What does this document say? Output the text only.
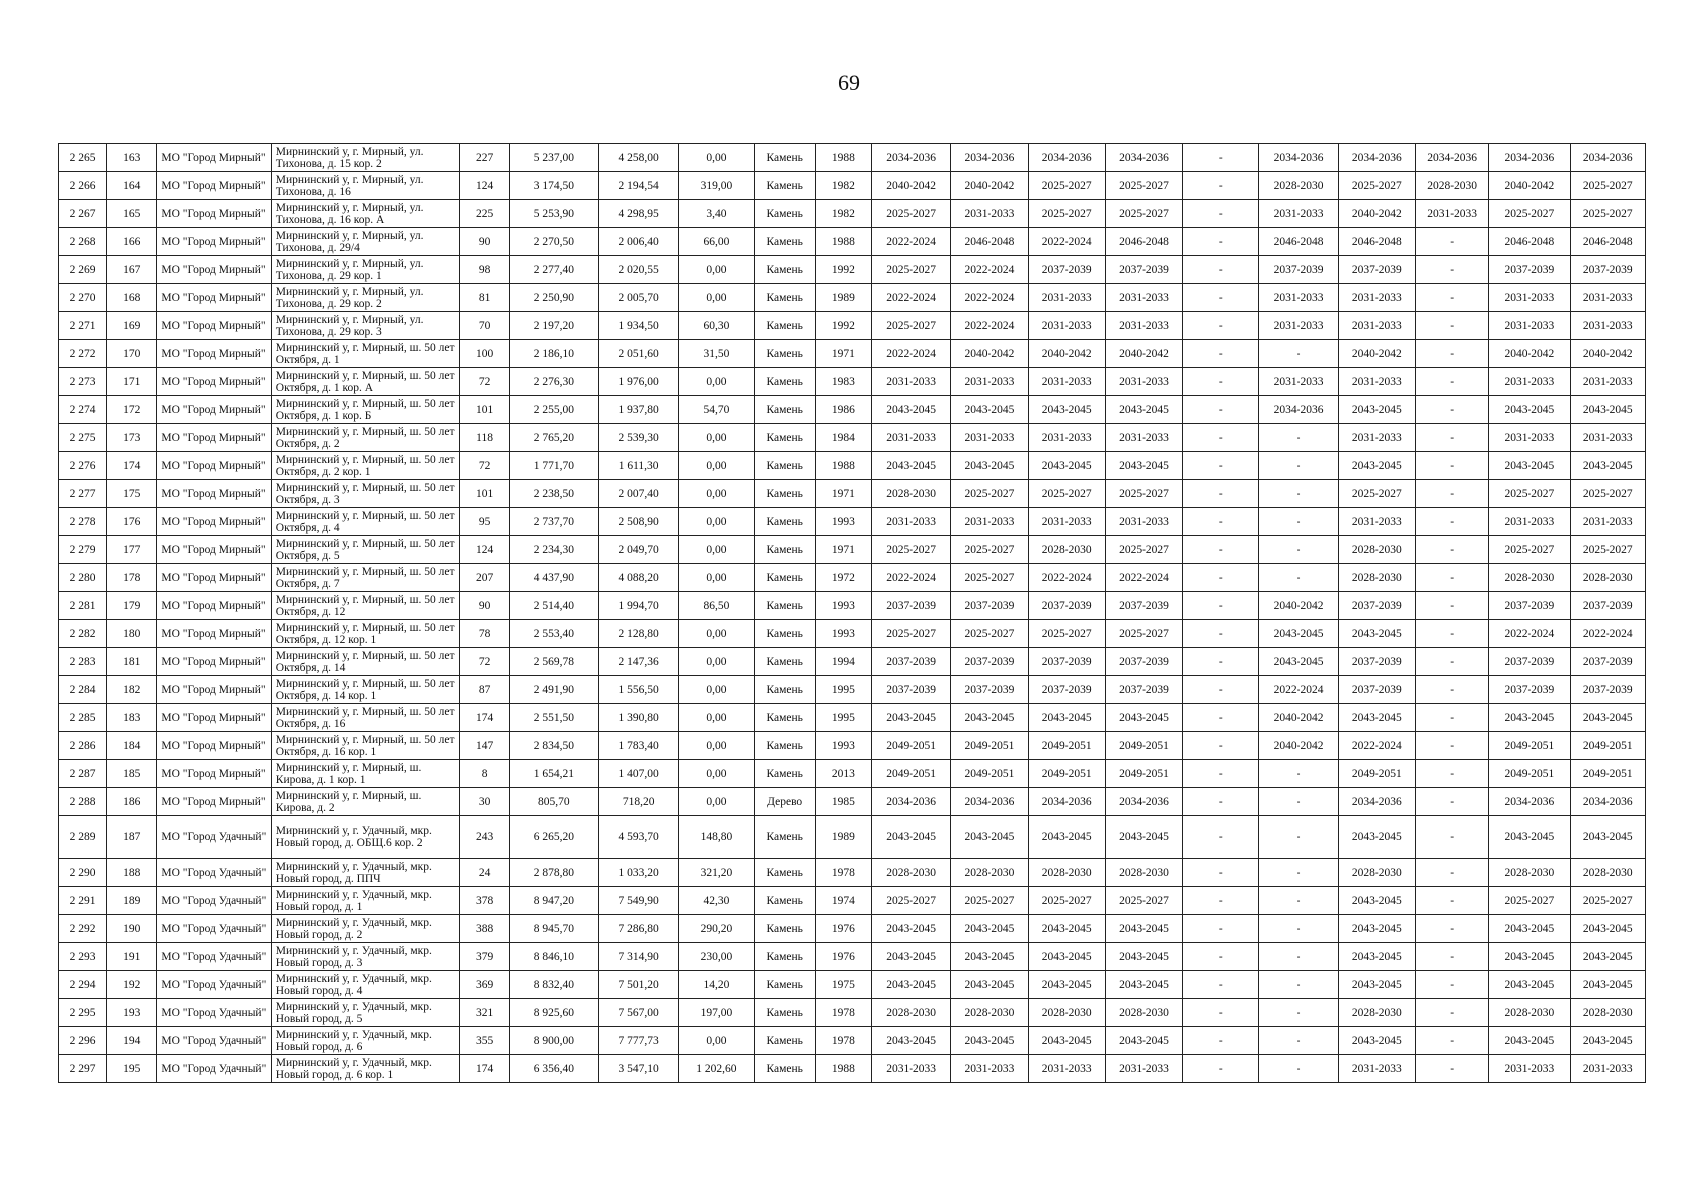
69
2 265	163	МО "Город Мирный"	Мирнинский у, г. Мирный, ул. Тихонова, д. 15 кор. 2	227	5 237,00	4 258,00	0,00	Камень	1988	2034-2036	2034-2036	2034-2036	2034-2036	-	2034-2036	2034-2036	2034-2036	2034-2036	2034-2036
2 266	164	МО "Город Мирный"	Мирнинский у, г. Мирный, ул. Тихонова, д. 16	124	3 174,50	2 194,54	319,00	Камень	1982	2040-2042	2040-2042	2025-2027	2025-2027	-	2028-2030	2025-2027	2028-2030	2040-2042	2025-2027
2 267	165	МО "Город Мирный"	Мирнинский у, г. Мирный, ул. Тихонова, д. 16 кор. А	225	5 253,90	4 298,95	3,40	Камень	1982	2025-2027	2031-2033	2025-2027	2025-2027	-	2031-2033	2040-2042	2031-2033	2025-2027	2025-2027
2 268	166	МО "Город Мирный"	Мирнинский у, г. Мирный, ул. Тихонова, д. 29/4	90	2 270,50	2 006,40	66,00	Камень	1988	2022-2024	2046-2048	2022-2024	2046-2048	-	2046-2048	2046-2048	-	2046-2048	2046-2048
2 269	167	МО "Город Мирный"	Мирнинский у, г. Мирный, ул. Тихонова, д. 29 кор. 1	98	2 277,40	2 020,55	0,00	Камень	1992	2025-2027	2022-2024	2037-2039	2037-2039	-	2037-2039	2037-2039	-	2037-2039	2037-2039
2 270	168	МО "Город Мирный"	Мирнинский у, г. Мирный, ул. Тихонова, д. 29 кор. 2	81	2 250,90	2 005,70	0,00	Камень	1989	2022-2024	2022-2024	2031-2033	2031-2033	-	2031-2033	2031-2033	-	2031-2033	2031-2033
2 271	169	МО "Город Мирный"	Мирнинский у, г. Мирный, ул. Тихонова, д. 29 кор. 3	70	2 197,20	1 934,50	60,30	Камень	1992	2025-2027	2022-2024	2031-2033	2031-2033	-	2031-2033	2031-2033	-	2031-2033	2031-2033
2 272	170	МО "Город Мирный"	Мирнинский у, г. Мирный, ш. 50 лет Октября, д. 1	100	2 186,10	2 051,60	31,50	Камень	1971	2022-2024	2040-2042	2040-2042	2040-2042	-	-	2040-2042	-	2040-2042	2040-2042
2 273	171	МО "Город Мирный"	Мирнинский у, г. Мирный, ш. 50 лет Октября, д. 1 кор. А	72	2 276,30	1 976,00	0,00	Камень	1983	2031-2033	2031-2033	2031-2033	2031-2033	-	2031-2033	2031-2033	-	2031-2033	2031-2033
2 274	172	МО "Город Мирный"	Мирнинский у, г. Мирный, ш. 50 лет Октября, д. 1 кор. Б	101	2 255,00	1 937,80	54,70	Камень	1986	2043-2045	2043-2045	2043-2045	2043-2045	-	2034-2036	2043-2045	-	2043-2045	2043-2045
2 275	173	МО "Город Мирный"	Мирнинский у, г. Мирный, ш. 50 лет Октября, д. 2	118	2 765,20	2 539,30	0,00	Камень	1984	2031-2033	2031-2033	2031-2033	2031-2033	-	-	2031-2033	-	2031-2033	2031-2033
2 276	174	МО "Город Мирный"	Мирнинский у, г. Мирный, ш. 50 лет Октября, д. 2 кор. 1	72	1 771,70	1 611,30	0,00	Камень	1988	2043-2045	2043-2045	2043-2045	2043-2045	-	-	2043-2045	-	2043-2045	2043-2045
2 277	175	МО "Город Мирный"	Мирнинский у, г. Мирный, ш. 50 лет Октября, д. 3	101	2 238,50	2 007,40	0,00	Камень	1971	2028-2030	2025-2027	2025-2027	2025-2027	-	-	2025-2027	-	2025-2027	2025-2027
2 278	176	МО "Город Мирный"	Мирнинский у, г. Мирный, ш. 50 лет Октября, д. 4	95	2 737,70	2 508,90	0,00	Камень	1993	2031-2033	2031-2033	2031-2033	2031-2033	-	-	2031-2033	-	2031-2033	2031-2033
2 279	177	МО "Город Мирный"	Мирнинский у, г. Мирный, ш. 50 лет Октября, д. 5	124	2 234,30	2 049,70	0,00	Камень	1971	2025-2027	2025-2027	2028-2030	2025-2027	-	-	2028-2030	-	2025-2027	2025-2027
2 280	178	МО "Город Мирный"	Мирнинский у, г. Мирный, ш. 50 лет Октября, д. 7	207	4 437,90	4 088,20	0,00	Камень	1972	2022-2024	2025-2027	2022-2024	2022-2024	-	-	2028-2030	-	2028-2030	2028-2030
2 281	179	МО "Город Мирный"	Мирнинский у, г. Мирный, ш. 50 лет Октября, д. 12	90	2 514,40	1 994,70	86,50	Камень	1993	2037-2039	2037-2039	2037-2039	2037-2039	-	2040-2042	2037-2039	-	2037-2039	2037-2039
2 282	180	МО "Город Мирный"	Мирнинский у, г. Мирный, ш. 50 лет Октября, д. 12 кор. 1	78	2 553,40	2 128,80	0,00	Камень	1993	2025-2027	2025-2027	2025-2027	2025-2027	-	2043-2045	2043-2045	-	2022-2024	2022-2024
2 283	181	МО "Город Мирный"	Мирнинский у, г. Мирный, ш. 50 лет Октября, д. 14	72	2 569,78	2 147,36	0,00	Камень	1994	2037-2039	2037-2039	2037-2039	2037-2039	-	2043-2045	2037-2039	-	2037-2039	2037-2039
2 284	182	МО "Город Мирный"	Мирнинский у, г. Мирный, ш. 50 лет Октября, д. 14 кор. 1	87	2 491,90	1 556,50	0,00	Камень	1995	2037-2039	2037-2039	2037-2039	2037-2039	-	2022-2024	2037-2039	-	2037-2039	2037-2039
2 285	183	МО "Город Мирный"	Мирнинский у, г. Мирный, ш. 50 лет Октября, д. 16	174	2 551,50	1 390,80	0,00	Камень	1995	2043-2045	2043-2045	2043-2045	2043-2045	-	2040-2042	2043-2045	-	2043-2045	2043-2045
2 286	184	МО "Город Мирный"	Мирнинский у, г. Мирный, ш. 50 лет Октября, д. 16 кор. 1	147	2 834,50	1 783,40	0,00	Камень	1993	2049-2051	2049-2051	2049-2051	2049-2051	-	2040-2042	2022-2024	-	2049-2051	2049-2051
2 287	185	МО "Город Мирный"	Мирнинский у, г. Мирный, ш. Кирова, д. 1 кор. 1	8	1 654,21	1 407,00	0,00	Камень	2013	2049-2051	2049-2051	2049-2051	2049-2051	-	-	2049-2051	-	2049-2051	2049-2051
2 288	186	МО "Город Мирный"	Мирнинский у, г. Мирный, ш. Кирова, д. 2	30	805,70	718,20	0,00	Дерево	1985	2034-2036	2034-2036	2034-2036	2034-2036	-	-	2034-2036	-	2034-2036	2034-2036
2 289	187	МО "Город Удачный"	Мирнинский у, г. Удачный, мкр. Новый город, д. ОБЩ.6 кор. 2	243	6 265,20	4 593,70	148,80	Камень	1989	2043-2045	2043-2045	2043-2045	2043-2045	-	-	2043-2045	-	2043-2045	2043-2045
2 290	188	МО "Город Удачный"	Мирнинский у, г. Удачный, мкр. Новый город, д. ППЧ	24	2 878,80	1 033,20	321,20	Камень	1978	2028-2030	2028-2030	2028-2030	2028-2030	-	-	2028-2030	-	2028-2030	2028-2030
2 291	189	МО "Город Удачный"	Мирнинский у, г. Удачный, мкр. Новый город, д. 1	378	8 947,20	7 549,90	42,30	Камень	1974	2025-2027	2025-2027	2025-2027	2025-2027	-	-	2043-2045	-	2025-2027	2025-2027
2 292	190	МО "Город Удачный"	Мирнинский у, г. Удачный, мкр. Новый город, д. 2	388	8 945,70	7 286,80	290,20	Камень	1976	2043-2045	2043-2045	2043-2045	2043-2045	-	-	2043-2045	-	2043-2045	2043-2045
2 293	191	МО "Город Удачный"	Мирнинский у, г. Удачный, мкр. Новый город, д. 3	379	8 846,10	7 314,90	230,00	Камень	1976	2043-2045	2043-2045	2043-2045	2043-2045	-	-	2043-2045	-	2043-2045	2043-2045
2 294	192	МО "Город Удачный"	Мирнинский у, г. Удачный, мкр. Новый город, д. 4	369	8 832,40	7 501,20	14,20	Камень	1975	2043-2045	2043-2045	2043-2045	2043-2045	-	-	2043-2045	-	2043-2045	2043-2045
2 295	193	МО "Город Удачный"	Мирнинский у, г. Удачный, мкр. Новый город, д. 5	321	8 925,60	7 567,00	197,00	Камень	1978	2028-2030	2028-2030	2028-2030	2028-2030	-	-	2028-2030	-	2028-2030	2028-2030
2 296	194	МО "Город Удачный"	Мирнинский у, г. Удачный, мкр. Новый город, д. 6	355	8 900,00	7 777,73	0,00	Камень	1978	2043-2045	2043-2045	2043-2045	2043-2045	-	-	2043-2045	-	2043-2045	2043-2045
2 297	195	МО "Город Удачный"	Мирнинский у, г. Удачный, мкр. Новый город, д. 6 кор. 1	174	6 356,40	3 547,10	1 202,60	Камень	1988	2031-2033	2031-2033	2031-2033	2031-2033	-	-	2031-2033	-	2031-2033	2031-2033
